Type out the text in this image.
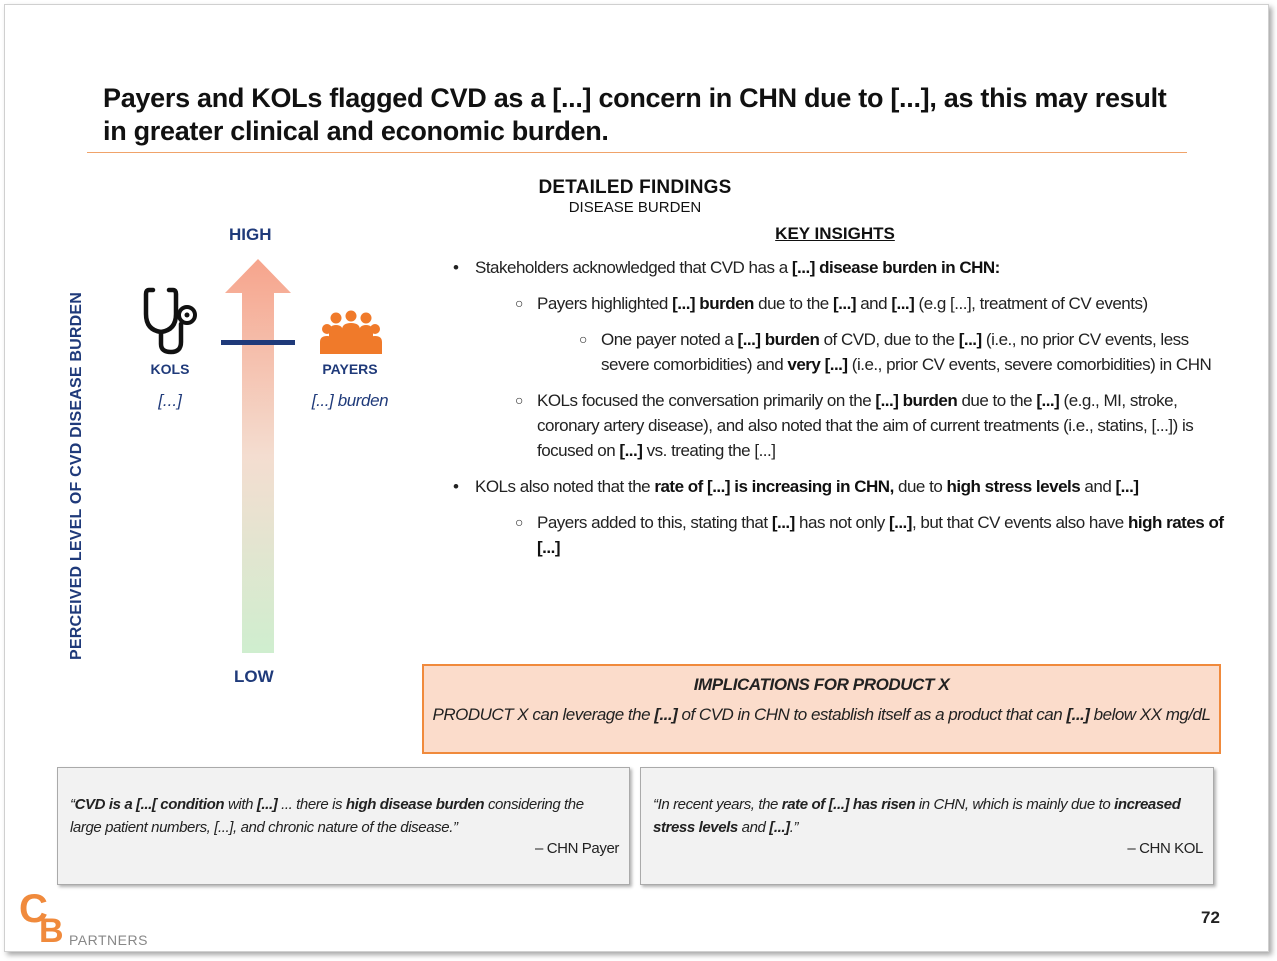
Payers and KOLs flagged CVD as a [...] concern in CHN due to [...], as this may result in greater clinical and economic burden.
DETAILED FINDINGS
DISEASE BURDEN
KEY INSIGHTS
PERCEIVED LEVEL OF CVD DISEASE BURDEN
HIGH
LOW
KOLS
[...]
PAYERS
[...] burden
• Stakeholders acknowledged that CVD has a [...] disease burden in CHN:
○ Payers highlighted [...] burden due to the [...] and [...] (e.g [...], treatment of CV events)
○ One payer noted a [...] burden of CVD, due to the [...] (i.e., no prior CV events, less severe comorbidities) and very [...] (i.e., prior CV events, severe comorbidities) in CHN
○ KOLs focused the conversation primarily on the [...] burden due to the [...] (e.g., MI, stroke, coronary artery disease), and also noted that the aim of current treatments (i.e., statins, [...]) is focused on [...] vs. treating the [...]
• KOLs also noted that the rate of [...] is increasing in CHN, due to high stress levels and [...]
○ Payers added to this, stating that [...] has not only [...], but that CV events also have high rates of [...]
IMPLICATIONS FOR PRODUCT X
PRODUCT X can leverage the [...] of CVD in CHN to establish itself as a product that can [...] below XX mg/dL
“CVD is a [...[ condition with [...] ... there is high disease burden considering the large patient numbers, [...], and chronic nature of the disease.”
– CHN Payer
“In recent years, the rate of [...] has risen in CHN, which is mainly due to increased stress levels and [...].”
– CHN KOL
C
B PARTNERS
72
